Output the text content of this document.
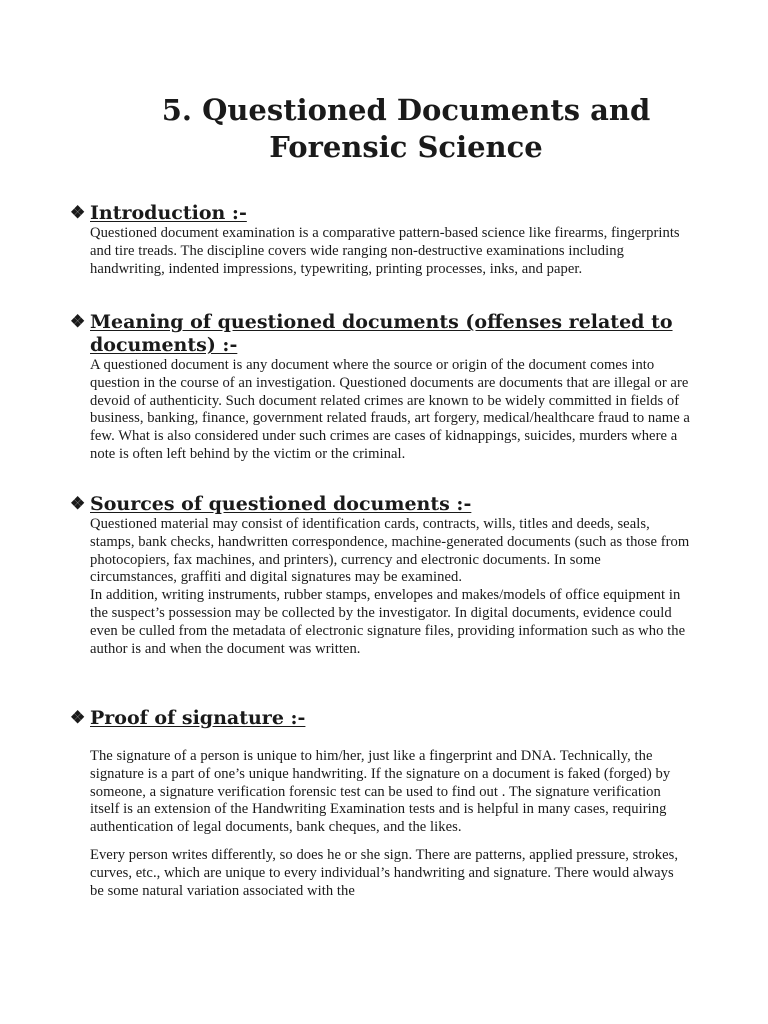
5. Questioned Documents and
Forensic Science
❖ Introduction :-

Questioned document examination is a comparative pattern-based science like firearms, fingerprints and tire treads. The discipline covers wide ranging non-destructive examinations including handwriting, indented impressions, typewriting, printing processes, inks, and paper.

❖ Meaning of questioned documents (offenses related to documents) :-

A questioned document is any document where the source or origin of the document comes into question in the course of an investigation. Questioned documents are documents that are illegal or are devoid of authenticity. Such document related crimes are known to be widely committed in fields of business, banking, finance, government related frauds, art forgery, medical/healthcare fraud to name a few. What is also considered under such crimes are cases of kidnappings, suicides, murders where a note is often left behind by the victim or the criminal.

❖ Sources of questioned documents :-

Questioned material may consist of identification cards, contracts, wills, titles and deeds, seals, stamps, bank checks, handwritten correspondence, machine-generated documents (such as those from photocopiers, fax machines, and printers), currency and electronic documents. In some circumstances, graffiti and digital signatures may be examined.

In addition, writing instruments, rubber stamps, envelopes and makes/models of office equipment in the suspect’s possession may be collected by the investigator. In digital documents, evidence could even be culled from the metadata of electronic signature files, providing information such as who the author is and when the document was written.

❖ Proof of signature :-

The signature of a person is unique to him/her, just like a fingerprint and DNA. Technically, the signature is a part of one’s unique handwriting. If the signature on a document is faked (forged) by someone, a signature verification forensic test can be used to find out . The signature verification itself is an extension of the Handwriting Examination tests and is helpful in many cases, requiring authentication of legal documents, bank cheques, and the likes.

Every person writes differently, so does he or she sign. There are patterns, applied pressure, strokes, curves, etc., which are unique to every individual’s handwriting and signature. There would always be some natural variation associated with the
